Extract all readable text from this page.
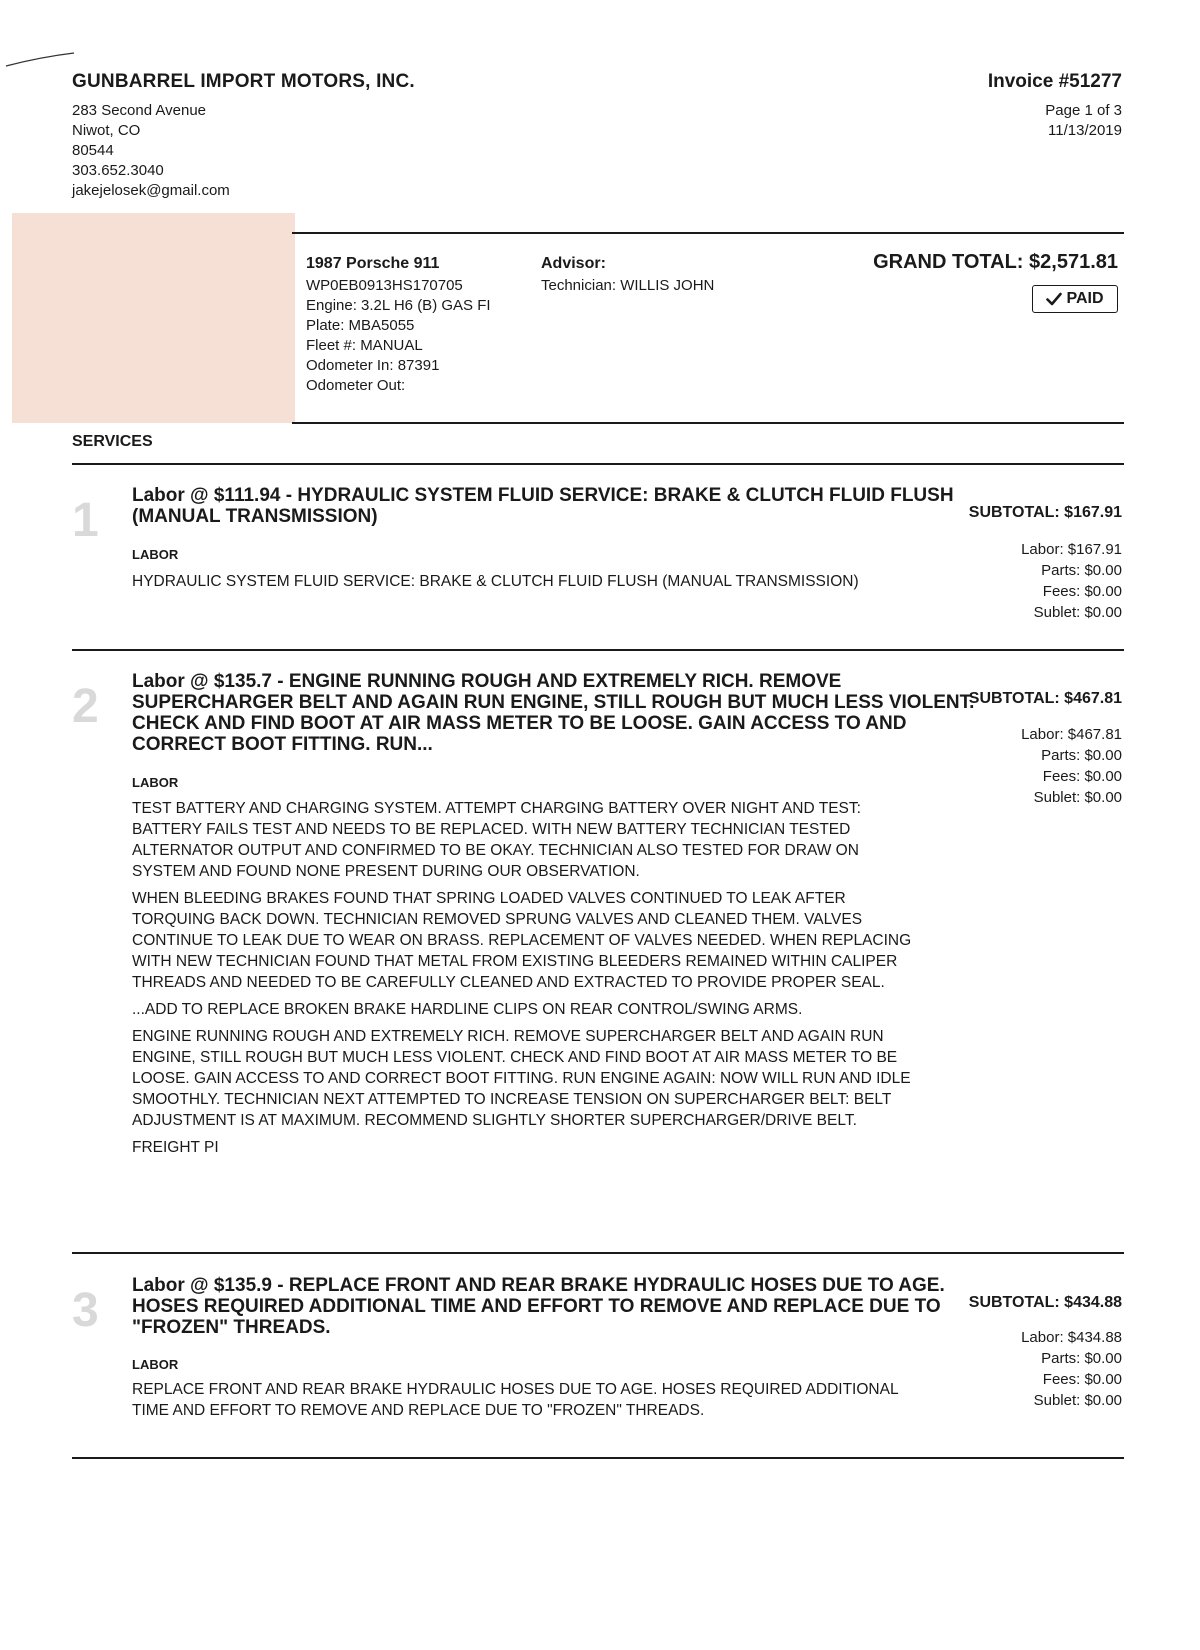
GUNBARREL IMPORT MOTORS, INC.
283 Second Avenue
Niwot, CO
80544
303.652.3040
jakejelosek@gmail.com
Invoice #51277
Page 1 of 3
11/13/2019
1987 Porsche 911
WP0EB0913HS170705
Engine: 3.2L H6 (B) GAS FI
Plate: MBA5055
Fleet #: MANUAL
Odometer In: 87391
Odometer Out:
Advisor:
Technician: WILLIS JOHN
GRAND TOTAL: $2,571.81
PAID
SERVICES
1 Labor @ $111.94 - HYDRAULIC SYSTEM FLUID SERVICE: BRAKE & CLUTCH FLUID FLUSH (MANUAL TRANSMISSION)	SUBTOTAL: $167.91
Labor: $167.91
Parts: $0.00
Fees: $0.00
Sublet: $0.00
LABOR

HYDRAULIC SYSTEM FLUID SERVICE: BRAKE & CLUTCH FLUID FLUSH (MANUAL TRANSMISSION)

2 Labor @ $135.7 - ENGINE RUNNING ROUGH AND EXTREMELY RICH. REMOVE SUPERCHARGER BELT AND AGAIN RUN ENGINE, STILL ROUGH BUT MUCH LESS VIOLENT. CHECK AND FIND BOOT AT AIR MASS METER TO BE LOOSE. GAIN ACCESS TO AND CORRECT BOOT FITTING. RUN...
SUBTOTAL: $467.81
Labor: $467.81
Parts: $0.00
Fees: $0.00
Sublet: $0.00
LABOR

TEST BATTERY AND CHARGING SYSTEM. ATTEMPT CHARGING BATTERY OVER NIGHT AND TEST: BATTERY FAILS TEST AND NEEDS TO BE REPLACED. WITH NEW BATTERY TECHNICIAN TESTED ALTERNATOR OUTPUT AND CONFIRMED TO BE OKAY. TECHNICIAN ALSO TESTED FOR DRAW ON SYSTEM AND FOUND NONE PRESENT DURING OUR OBSERVATION.

WHEN BLEEDING BRAKES FOUND THAT SPRING LOADED VALVES CONTINUED TO LEAK AFTER TORQUING BACK DOWN. TECHNICIAN REMOVED SPRUNG VALVES AND CLEANED THEM. VALVES CONTINUE TO LEAK DUE TO WEAR ON BRASS. REPLACEMENT OF VALVES NEEDED. WHEN REPLACING WITH NEW TECHNICIAN FOUND THAT METAL FROM EXISTING BLEEDERS REMAINED WITHIN CALIPER THREADS AND NEEDED TO BE CAREFULLY CLEANED AND EXTRACTED TO PROVIDE PROPER SEAL.

...ADD TO REPLACE BROKEN BRAKE HARDLINE CLIPS ON REAR CONTROL/SWING ARMS.

ENGINE RUNNING ROUGH AND EXTREMELY RICH. REMOVE SUPERCHARGER BELT AND AGAIN RUN ENGINE, STILL ROUGH BUT MUCH LESS VIOLENT. CHECK AND FIND BOOT AT AIR MASS METER TO BE LOOSE. GAIN ACCESS TO AND CORRECT BOOT FITTING. RUN ENGINE AGAIN: NOW WILL RUN AND IDLE SMOOTHLY. TECHNICIAN NEXT ATTEMPTED TO INCREASE TENSION ON SUPERCHARGER BELT: BELT ADJUSTMENT IS AT MAXIMUM. RECOMMEND SLIGHTLY SHORTER SUPERCHARGER/DRIVE BELT.

FREIGHT PI

3 Labor @ $135.9 - REPLACE FRONT AND REAR BRAKE HYDRAULIC HOSES DUE TO AGE. HOSES REQUIRED ADDITIONAL TIME AND EFFORT TO REMOVE AND REPLACE DUE TO "FROZEN" THREADS.
SUBTOTAL: $434.88
Labor: $434.88
Parts: $0.00
Fees: $0.00
Sublet: $0.00
LABOR

REPLACE FRONT AND REAR BRAKE HYDRAULIC HOSES DUE TO AGE. HOSES REQUIRED ADDITIONAL TIME AND EFFORT TO REMOVE AND REPLACE DUE TO "FROZEN" THREADS.
